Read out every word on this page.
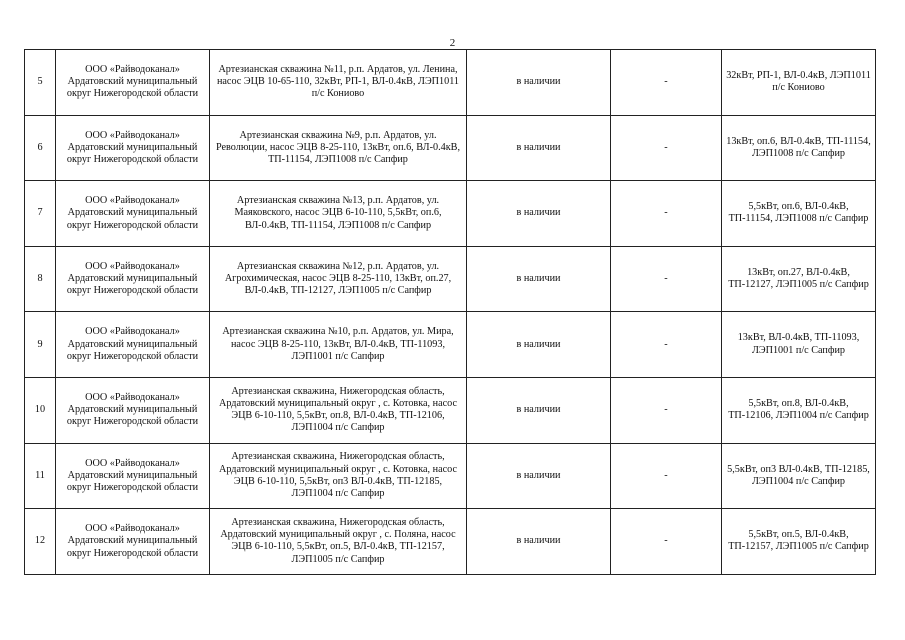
2
5	ООО «Райводоканал» Ардатовский муниципальный округ Нижегородской области	Артезианская скважина №11, р.п. Ардатов, ул. Ленина, насос ЭЦВ 10-65-110, 32кВт, РП-1, ВЛ-0.4кВ, ЛЭП1011 п/с Кониово	в наличии	-	32кВт, РП-1, ВЛ-0.4кВ, ЛЭП1011 п/с Кониово
6	ООО «Райводоканал» Ардатовский муниципальный округ Нижегородской области	Артезианская скважина №9, р.п. Ардатов, ул. Революции, насос ЭЦВ 8-25-110, 13кВт, оп.6, ВЛ-0.4кВ, ТП-11154, ЛЭП1008 п/с Сапфир	в наличии	-	13кВт, оп.6, ВЛ-0.4кВ, ТП-11154, ЛЭП1008 п/с Сапфир
7	ООО «Райводоканал» Ардатовский муниципальный округ Нижегородской области	Артезианская скважина №13, р.п. Ардатов, ул. Маяковского, насос ЭЦВ 6-10-110, 5,5кВт, оп.6, ВЛ-0.4кВ, ТП-11154, ЛЭП1008 п/с Сапфир	в наличии	-	5,5кВт, оп.6, ВЛ-0.4кВ, ТП-11154, ЛЭП1008 п/с Сапфир
8	ООО «Райводоканал» Ардатовский муниципальный округ Нижегородской области	Артезианская скважина №12, р.п. Ардатов, ул. Агрохимическая, насос ЭЦВ 8-25-110, 13кВт, оп.27, ВЛ-0.4кВ, ТП-12127, ЛЭП1005 п/с Сапфир	в наличии	-	13кВт, оп.27, ВЛ-0.4кВ, ТП-12127, ЛЭП1005 п/с Сапфир
9	ООО «Райводоканал» Ардатовский муниципальный округ Нижегородской области	Артезианская скважина №10, р.п. Ардатов, ул. Мира, насос ЭЦВ 8-25-110, 13кВт, ВЛ-0.4кВ, ТП-11093, ЛЭП1001 п/с Сапфир	в наличии	-	13кВт, ВЛ-0.4кВ, ТП-11093, ЛЭП1001 п/с Сапфир
10	ООО «Райводоканал» Ардатовский муниципальный округ Нижегородской области	Артезианская скважина, Нижегородская область, Ардатовский муниципальный округ , с. Котовка, насос ЭЦВ 6-10-110, 5,5кВт, оп.8, ВЛ-0.4кВ, ТП-12106, ЛЭП1004 п/с Сапфир	в наличии	-	5,5кВт, оп.8, ВЛ-0.4кВ, ТП-12106, ЛЭП1004 п/с Сапфир
11	ООО «Райводоканал» Ардатовский муниципальный округ Нижегородской области	Артезианская скважина, Нижегородская область, Ардатовский муниципальный округ , с. Котовка, насос ЭЦВ 6-10-110, 5,5кВт, оп3 ВЛ-0.4кВ, ТП-12185, ЛЭП1004 п/с Сапфир	в наличии	-	5,5кВт, оп3 ВЛ-0.4кВ, ТП-12185, ЛЭП1004 п/с Сапфир
12	ООО «Райводоканал» Ардатовский муниципальный округ Нижегородской области	Артезианская скважина, Нижегородская область, Ардатовский муниципальный округ , с. Поляна, насос ЭЦВ 6-10-110, 5,5кВт, оп.5, ВЛ-0.4кВ, ТП-12157, ЛЭП1005 п/с Сапфир	в наличии	-	5,5кВт, оп.5, ВЛ-0.4кВ, ТП-12157, ЛЭП1005 п/с Сапфир
